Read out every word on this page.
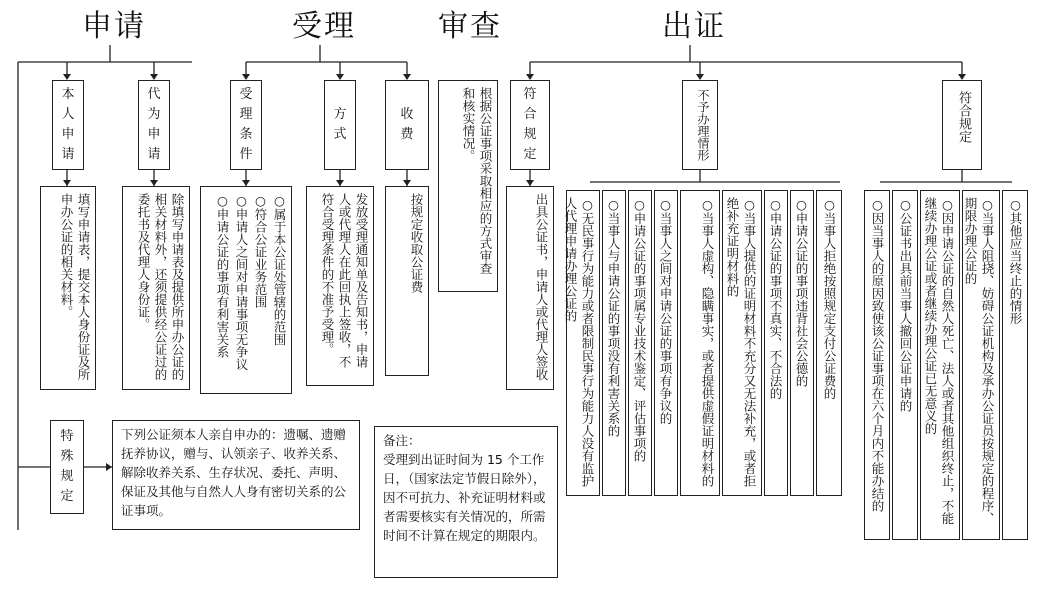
申请	受理	审查	出证
本人申请
代为申请
填写申请表，提交本人身份证及所申办公证的相关材料。	除填写申请表及提供所申办公证的相关材料外，还须提供经公证过的委托书及代理人身份证。
特殊规定
下列公证须本人亲自申办的：遗嘱、遗赠抚养协议，赠与、认领亲子、收养关系、解除收养关系、生存状况、委托、声明、保证及其他与自然人人身有密切关系的公证事项。
受理条件
方式
收费
○属于本公证处管辖的范围
○符合公证业务范围
○申请人之间对申请事项无争议
○申请公证的事项有利害关系	发放受理通知单及告知书，申请人或代理人在此回执上签收，不符合受理条件的不准予受理。	按规定收取公证费	根据公证事项采取相应的方式审查和核实情况。
备注：
受理到出证时间为 15 个工作日，（国家法定节假日除外），因不可抗力、补充证明材料或者需要核实有关情况的，所需时间不计算在规定的期限内。
符合规定
出具公证书，申请人或代理人签收
不予办理情形	符合规定
○无民事行为能力或者限制民事行为能力人没有监护人代理申请办理公证的	○当事人与申请公证的事项没有利害关系的 ○申请公证的事项属专业技术鉴定、评估事项的 ○当事人之间对申请公证的事项有争议的	○当事人虚构、隐瞒事实，或者提供虚假证明材料的	○当事人提供的证明材料不充分又无法补充，或者拒绝补充证明材料的	○申请公证的事项不真实、不合法的 ○申请公证的事项违背社会公德的	○当事人拒绝按照规定支付公证费的	○因当事人的原因致使该公证事项在六个月内不能办结的	○公证书出具前当事人撤回公证申请的	○因申请公证的自然人死亡、法人或者其他组织终止，不能继续办理公证或者继续办理公证已无意义的	○当事人阻挠、妨碍公证机构及承办公证员按规定的程序、期限办理公证的	○其他应当终止的情形
